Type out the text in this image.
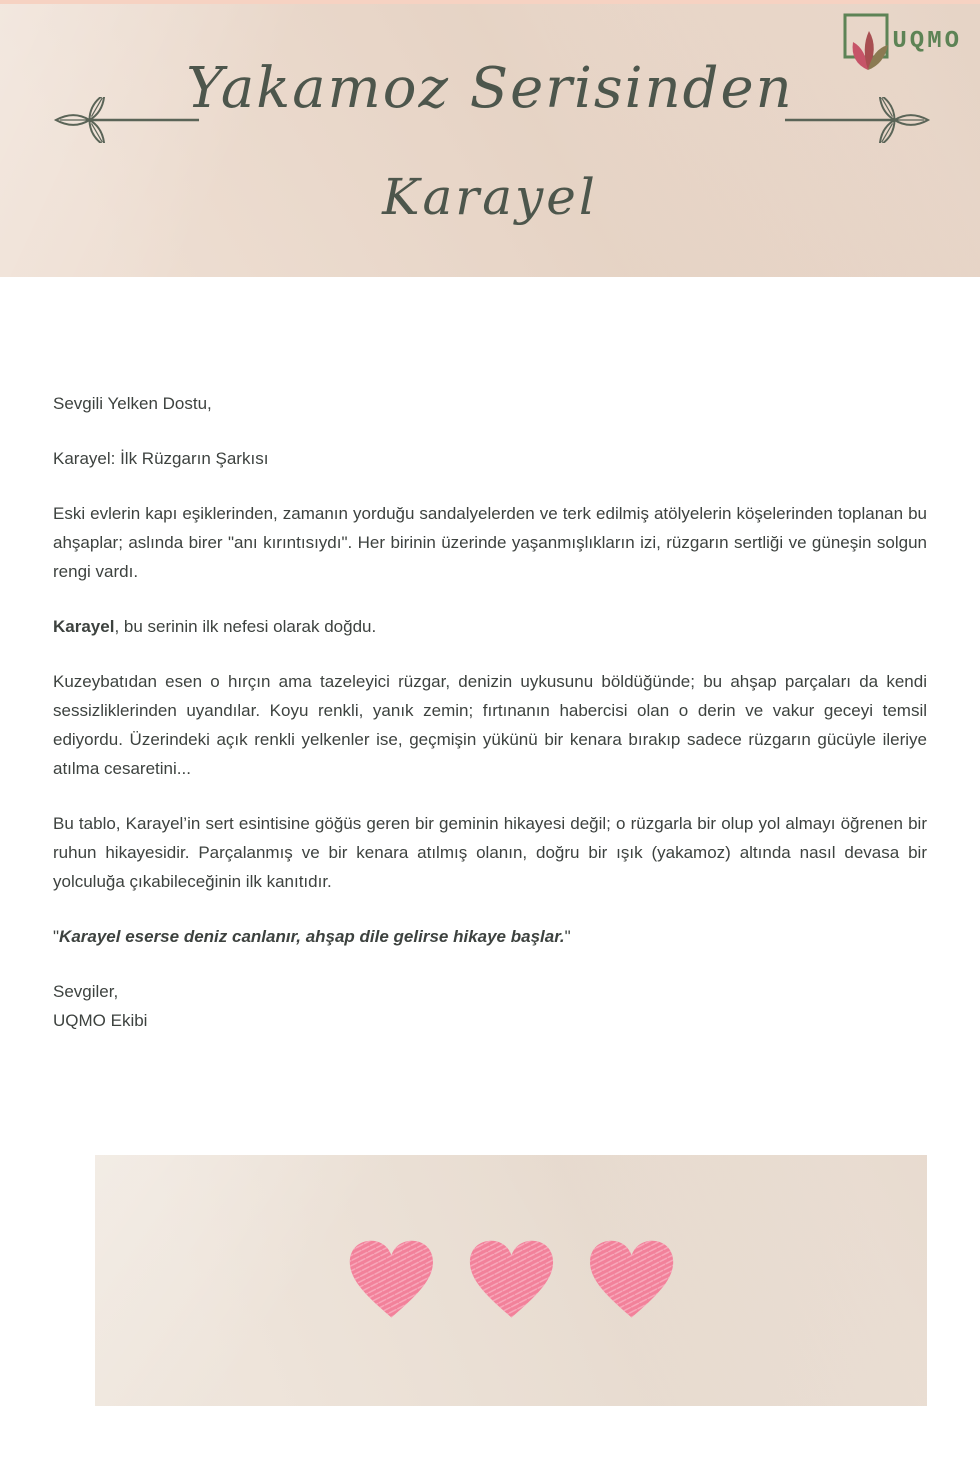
Yakamoz Serisinden
Karayel
UQMO

Sevgili Yelken Dostu,

Karayel: İlk Rüzgarın Şarkısı

Eski evlerin kapı eşiklerinden, zamanın yorduğu sandalyelerden ve terk edilmiş atölyelerin köşelerinden toplanan bu ahşaplar; aslında birer "anı kırıntısıydı". Her birinin üzerinde yaşanmışlıkların izi, rüzgarın sertliği ve güneşin solgun rengi vardı.

Karayel, bu serinin ilk nefesi olarak doğdu.

Kuzeybatıdan esen o hırçın ama tazeleyici rüzgar, denizin uykusunu böldüğünde; bu ahşap parçaları da kendi sessizliklerinden uyandılar. Koyu renkli, yanık zemin; fırtınanın habercisi olan o derin ve vakur geceyi temsil ediyordu. Üzerindeki açık renkli yelkenler ise, geçmişin yükünü bir kenara bırakıp sadece rüzgarın gücüyle ileriye atılma cesaretini...

Bu tablo, Karayel’in sert esintisine göğüs geren bir geminin hikayesi değil; o rüzgarla bir olup yol almayı öğrenen bir ruhun hikayesidir. Parçalanmış ve bir kenara atılmış olanın, doğru bir ışık (yakamoz) altında nasıl devasa bir yolculuğa çıkabileceğinin ilk kanıtıdır.

"Karayel eserse deniz canlanır, ahşap dile gelirse hikaye başlar."

Sevgiler,
UQMO Ekibi
